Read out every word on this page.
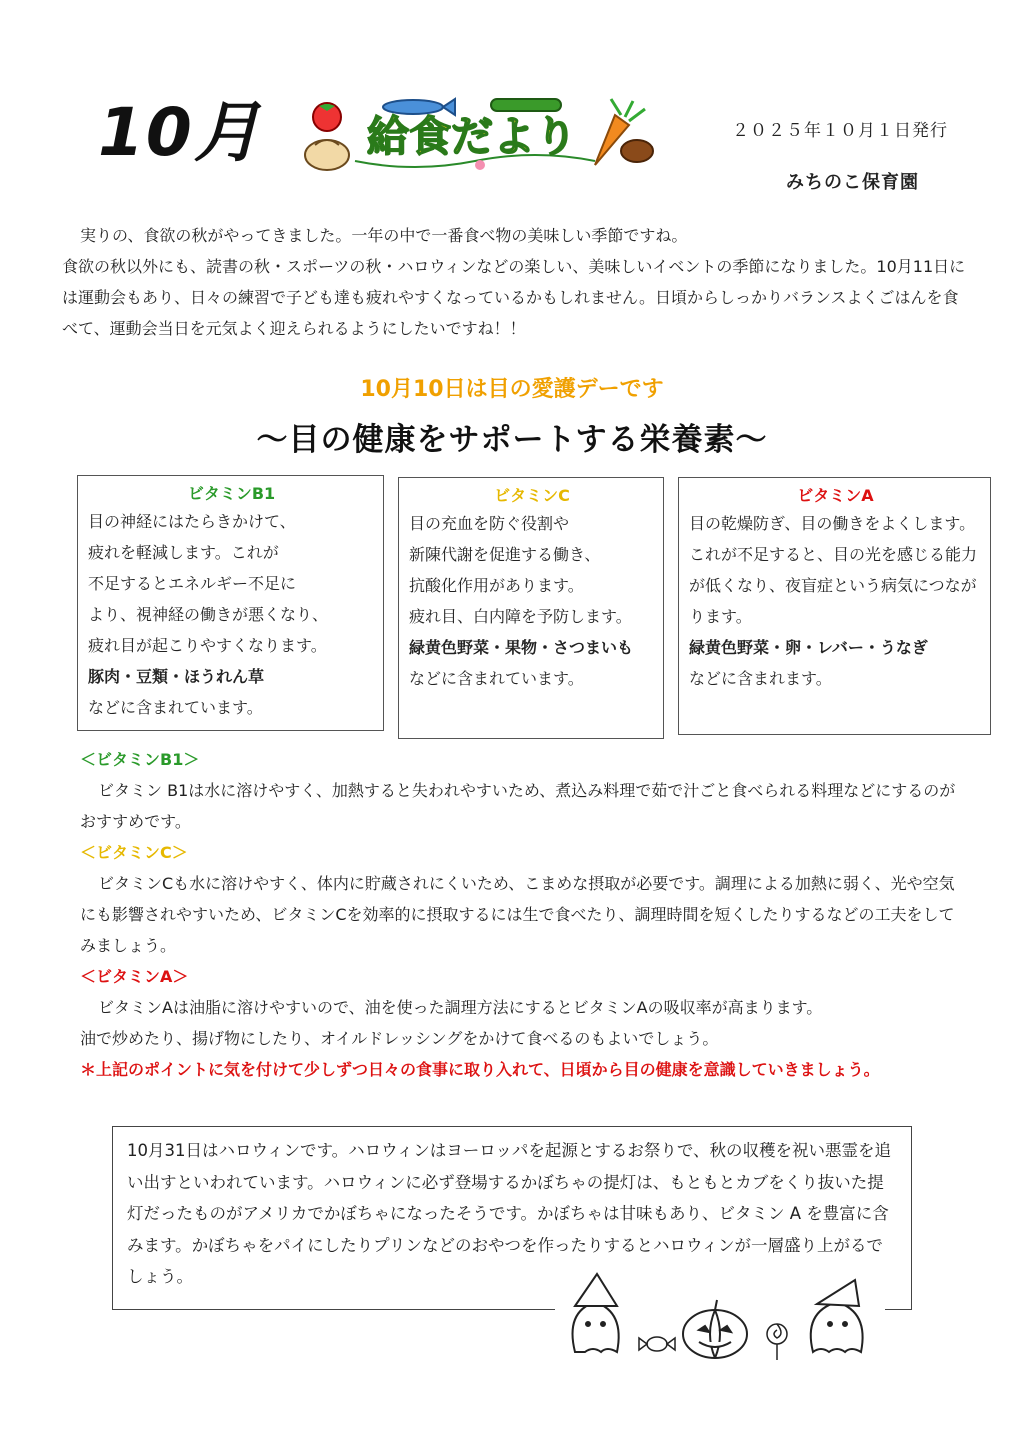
10月	給食だより	２０２５年１０月１日発行
みちのこ保育園

実りの、食欲の秋がやってきました。一年の中で一番食べ物の美味しい季節ですね。

食欲の秋以外にも、読書の秋・スポーツの秋・ハロウィンなどの楽しい、美味しいイベントの季節になりました。10月11日には運動会もあり、日々の練習で子ども達も疲れやすくなっているかもしれません。日頃からしっかりバランスよくごはんを食べて、運動会当日を元気よく迎えられるようにしたいですね！！

10月10日は目の愛護デーです
～目の健康をサポートする栄養素～
ビタミンB1

目の神経にはたらきかけて、

疲れを軽減します。これが

不足するとエネルギー不足に

より、視神経の働きが悪くなり、

疲れ目が起こりやすくなります。

豚肉・豆類・ほうれん草

などに含まれています。

ビタミンC

目の充血を防ぐ役割や

新陳代謝を促進する働き、

抗酸化作用があります。

疲れ目、白内障を予防します。

緑黄色野菜・果物・さつまいも

などに含まれています。

ビタミンA

目の乾燥防ぎ、目の働きをよくします。

これが不足すると、目の光を感じる能力が低くなり、夜盲症という病気につながります。

緑黄色野菜・卵・レバー・うなぎ

などに含まれます。

＜ビタミンB1＞

ビタミン B1は水に溶けやすく、加熱すると失われやすいため、煮込み料理で茹で汁ごと食べられる料理などにするのがおすすめです。

＜ビタミンC＞

ビタミンCも水に溶けやすく、体内に貯蔵されにくいため、こまめな摂取が必要です。調理による加熱に弱く、光や空気にも影響されやすいため、ビタミンCを効率的に摂取するには生で食べたり、調理時間を短くしたりするなどの工夫をしてみましょう。

＜ビタミンA＞

ビタミンAは油脂に溶けやすいので、油を使った調理方法にするとビタミンAの吸収率が高まります。

油で炒めたり、揚げ物にしたり、オイルドレッシングをかけて食べるのもよいでしょう。

＊上記のポイントに気を付けて少しずつ日々の食事に取り入れて、日頃から目の健康を意識していきましょう。

10月31日はハロウィンです。ハロウィンはヨーロッパを起源とするお祭りで、秋の収穫を祝い悪霊を追い出すといわれています。ハロウィンに必ず登場するかぼちゃの提灯は、もともとカブをくり抜いた提灯だったものがアメリカでかぼちゃになったそうです。かぼちゃは甘味もあり、ビタミン A を豊富に含みます。かぼちゃをパイにしたりプリンなどのおやつを作ったりするとハロウィンが一層盛り上がるでしょう。
